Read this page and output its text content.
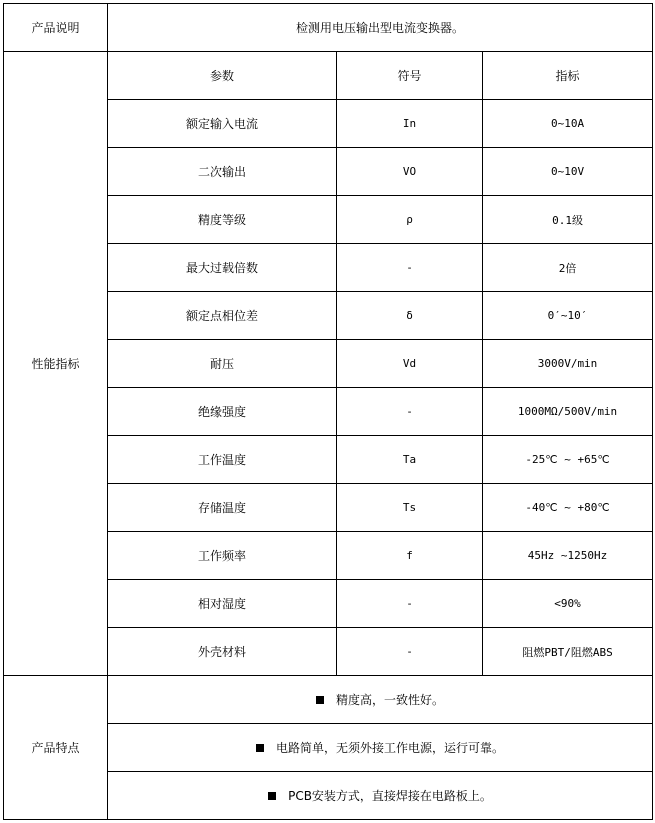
产品说明	检测用电压输出型电流变换器。		
性能指标	参数	符号	指标
	额定输入电流	In	0~10A
	二次输出	VO	0~10V
	精度等级	ρ	0.1级
	最大过载倍数	-	2倍
	额定点相位差	δ	0′~10′
	耐压	Vd	3000V/min
	绝缘强度	-	1000MΩ/500V/min
	工作温度	Ta	-25℃ ~ +65℃
	存储温度	Ts	-40℃ ~ +80℃
	工作频率	f	45Hz ~1250Hz
	相对湿度	-	<90%
	外壳材料	-	阻燃PBT/阻燃ABS
产品特点	精度高，一致性好。		
	电路简单，无须外接工作电源，运行可靠。		
	PCB安装方式，直接焊接在电路板上。		
